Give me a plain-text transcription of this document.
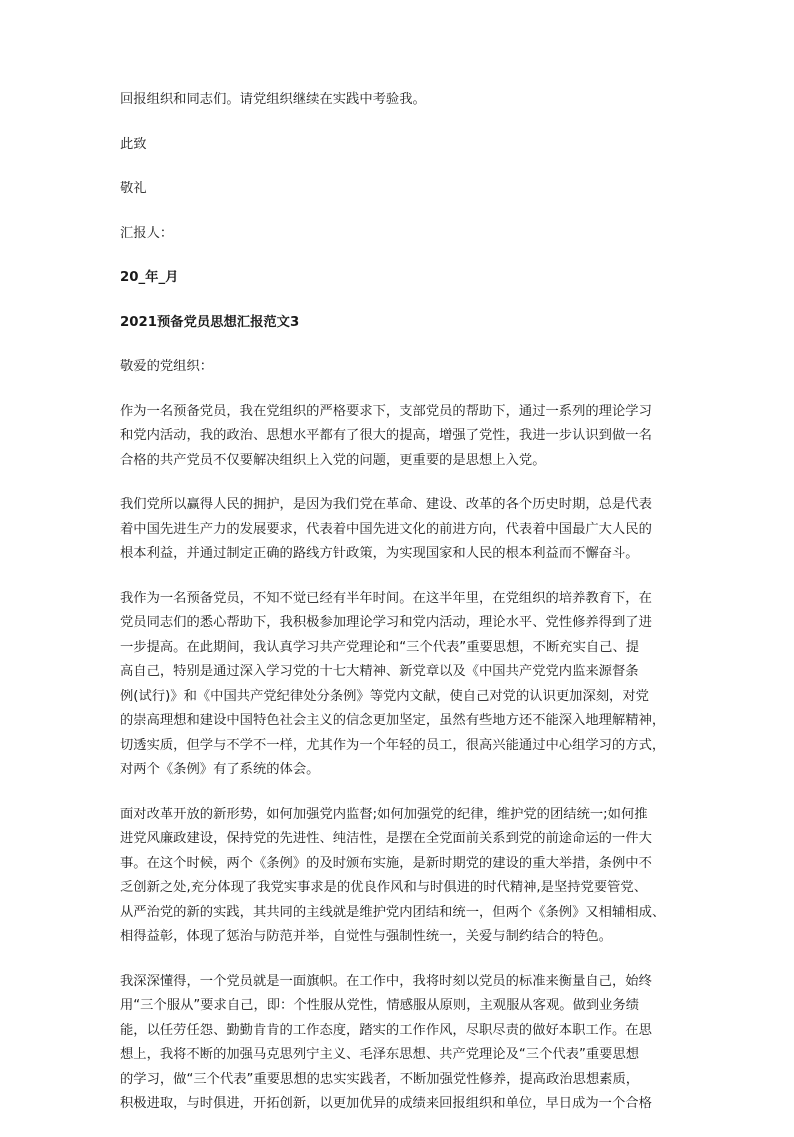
回报组织和同志们。请党组织继续在实践中考验我。

此致

敬礼

汇报人：

20_年_月

2021预备党员思想汇报范文3

敬爱的党组织：

作为一名预备党员，我在党组织的严格要求下，支部党员的帮助下，通过一系列的理论学习
和党内活动，我的政治、思想水平都有了很大的提高，增强了党性，我进一步认识到做一名
合格的共产党员不仅要解决组织上入党的问题，更重要的是思想上入党。
我们党所以赢得人民的拥护，是因为我们党在革命、建设、改革的各个历史时期，总是代表
着中国先进生产力的发展要求，代表着中国先进文化的前进方向，代表着中国最广大人民的
根本利益，并通过制定正确的路线方针政策，为实现国家和人民的根本利益而不懈奋斗。
我作为一名预备党员，不知不觉已经有半年时间。在这半年里，在党组织的培养教育下，在
党员同志们的悉心帮助下，我积极参加理论学习和党内活动，理论水平、党性修养得到了进
一步提高。在此期间，我认真学习共产党理论和“三个代表”重要思想，不断充实自己、提
高自己，特别是通过深入学习党的十七大精神、新党章以及《中国共产党党内监来源督条
例(试行)》和《中国共产党纪律处分条例》等党内文献，使自己对党的认识更加深刻，对党
的崇高理想和建设中国特色社会主义的信念更加坚定，虽然有些地方还不能深入地理解精神，
切透实质，但学与不学不一样，尤其作为一个年轻的员工，很高兴能通过中心组学习的方式，
对两个《条例》有了系统的体会。
面对改革开放的新形势，如何加强党内监督;如何加强党的纪律，维护党的团结统一;如何推
进党风廉政建设，保持党的先进性、纯洁性，是摆在全党面前关系到党的前途命运的一件大
事。在这个时候，两个《条例》的及时颁布实施，是新时期党的建设的重大举措，条例中不
乏创新之处,充分体现了我党实事求是的优良作风和与时俱进的时代精神,是坚持党要管党、
从严治党的新的实践，其共同的主线就是维护党内团结和统一，但两个《条例》又相辅相成、
相得益彰，体现了惩治与防范并举，自觉性与强制性统一，关爱与制约结合的特色。
我深深懂得，一个党员就是一面旗帜。在工作中，我将时刻以党员的标准来衡量自己，始终
用“三个服从”要求自己，即：个性服从党性，情感服从原则，主观服从客观。做到业务绩
能，以任劳任怨、勤勤肯肯的工作态度，踏实的工作作风，尽职尽责的做好本职工作。在思
想上，我将不断的加强马克思列宁主义、毛泽东思想、共产党理论及“三个代表”重要思想
的学习，做“三个代表”重要思想的忠实实践者，不断加强党性修养，提高政治思想素质，
积极进取，与时俱进，开拓创新，以更加优异的成绩来回报组织和单位，早日成为一个合格
